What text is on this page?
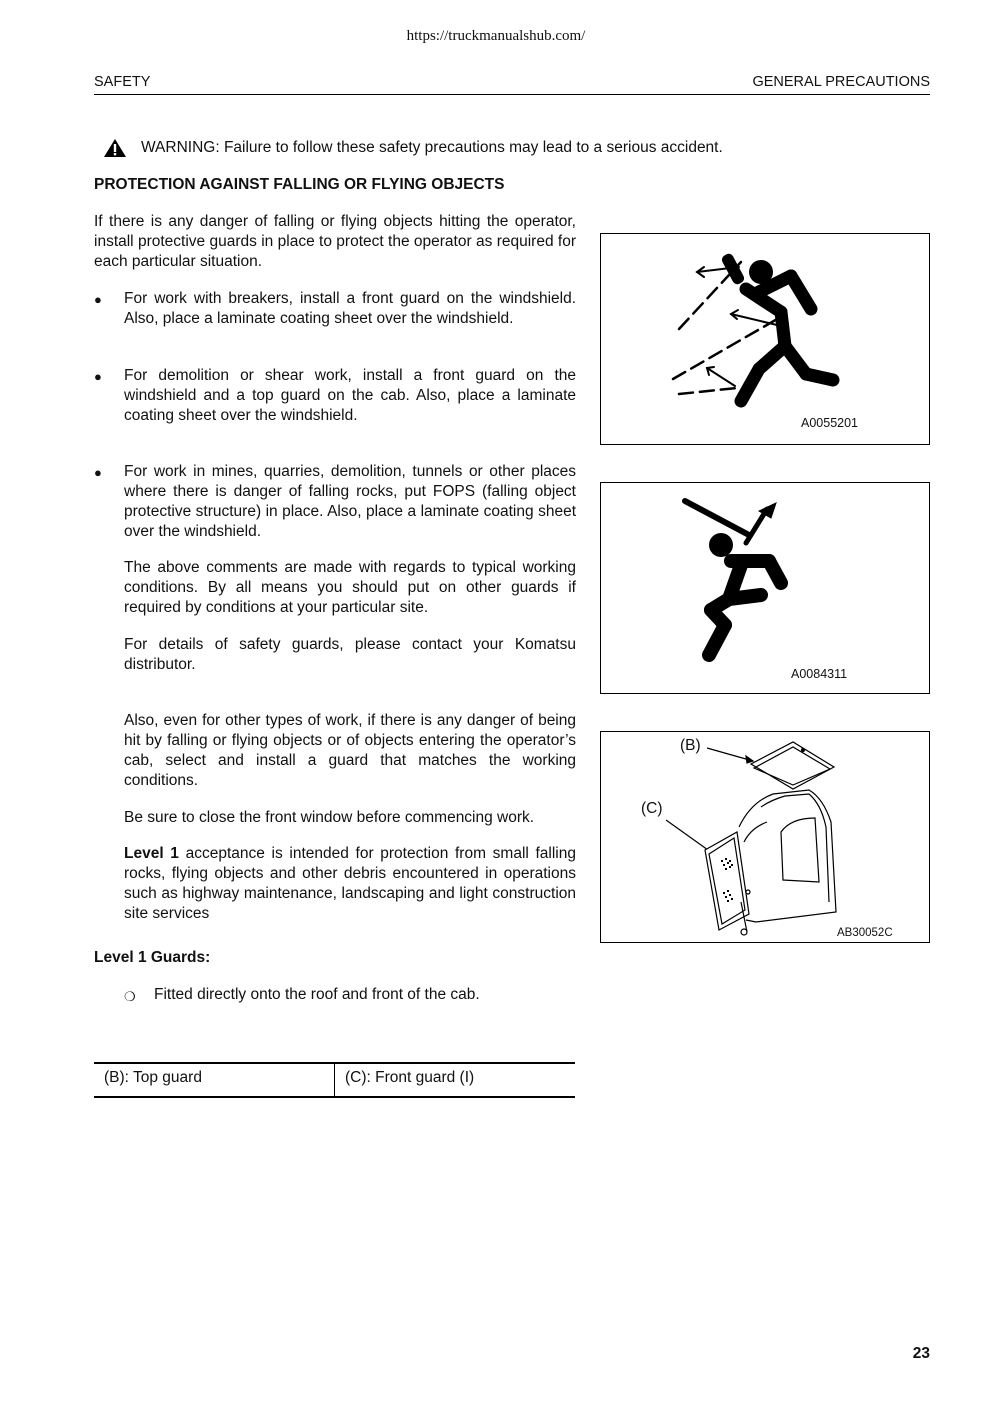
https://truckmanualshub.com/
SAFETY	GENERAL PRECAUTIONS
WARNING: Failure to follow these safety precautions may lead to a serious accident.
PROTECTION AGAINST FALLING OR FLYING OBJECTS
If there is any danger of falling or flying objects hitting the operator, install protective guards in place to protect the operator as required for each particular situation.
● For work with breakers, install a front guard on the windshield. Also, place a laminate coating sheet over the windshield.
● For demolition or shear work, install a front guard on the windshield and a top guard on the cab. Also, place a laminate coating sheet over the windshield.
● For work in mines, quarries, demolition, tunnels or other places where there is danger of falling rocks, put FOPS (falling object protective structure) in place. Also, place a laminate coating sheet over the windshield.
The above comments are made with regards to typical working conditions. By all means you should put on other guards if required by conditions at your particular site.
For details of safety guards, please contact your Komatsu distributor.
Also, even for other types of work, if there is any danger of being hit by falling or flying objects or of objects entering the operator’s cab, select and install a guard that matches the working conditions.
Be sure to close the front window before commencing work.
Level 1 acceptance is intended for protection from small falling rocks, flying objects and other debris encountered in operations such as highway maintenance, landscaping and light construction site services
Level 1 Guards:
❍ Fitted directly onto the roof and front of the cab.
A0055201
A0084311
(B)
(C)
AB30052C
(B): Top guard	(C): Front guard (I)
23
